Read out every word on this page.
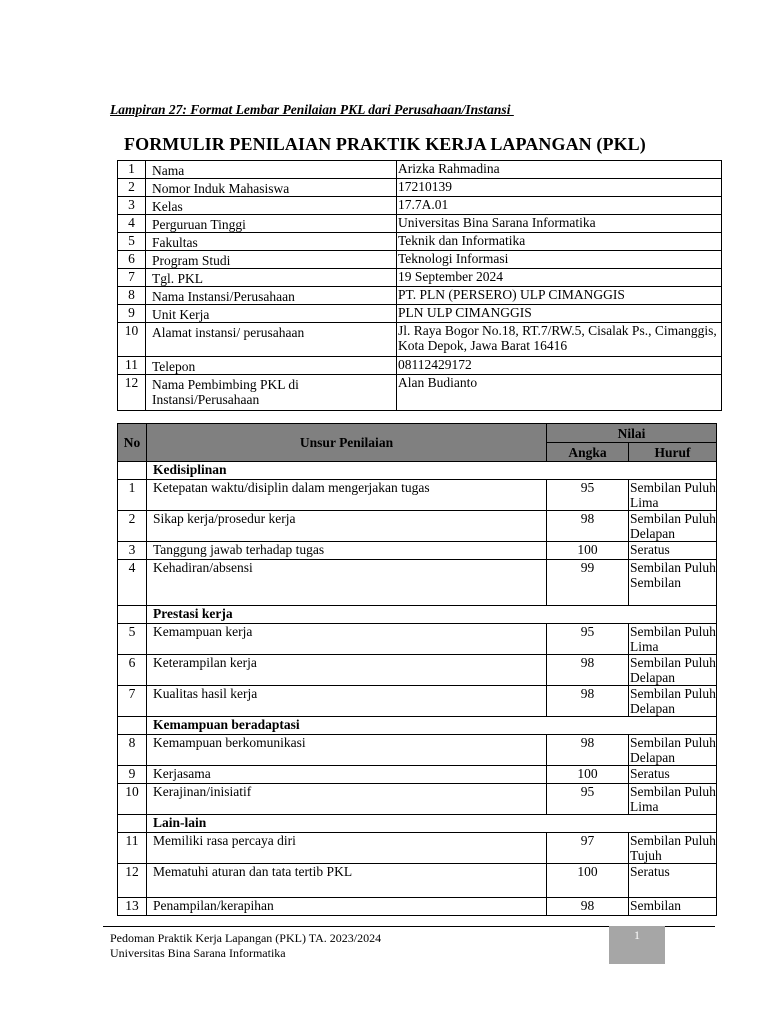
Lampiran 27: Format Lembar Penilaian PKL dari Perusahaan/Instansi
FORMULIR PENILAIAN PRAKTIK KERJA LAPANGAN (PKL)
1	Nama	Arizka Rahmadina
2	Nomor Induk Mahasiswa	17210139
3	Kelas	17.7A.01
4	Perguruan Tinggi	Universitas Bina Sarana Informatika
5	Fakultas	Teknik dan Informatika
6	Program Studi	Teknologi Informasi
7	Tgl. PKL	19 September 2024
8	Nama Instansi/Perusahaan	PT. PLN (PERSERO) ULP CIMANGGIS
9	Unit Kerja	PLN ULP CIMANGGIS
10	Alamat instansi/ perusahaan	Jl. Raya Bogor No.18, RT.7/RW.5, Cisalak Ps., Cimanggis, Kota Depok, Jawa Barat 16416
11	Telepon	08112429172
12	Nama Pembimbing PKL di Instansi/Perusahaan	Alan Budianto
No	Unsur Penilaian	Nilai	
		Angka	Huruf
	Kedisiplinan		
1	Ketepatan waktu/disiplin dalam mengerjakan tugas	95	Sembilan Puluh Lima
2	Sikap kerja/prosedur kerja	98	Sembilan Puluh Delapan
3	Tanggung jawab terhadap tugas	100	Seratus
4	Kehadiran/absensi	99	Sembilan Puluh Sembilan
	Prestasi kerja		
5	Kemampuan kerja	95	Sembilan Puluh Lima
6	Keterampilan kerja	98	Sembilan Puluh Delapan
7	Kualitas hasil kerja	98	Sembilan Puluh Delapan
	Kemampuan beradaptasi		
8	Kemampuan berkomunikasi	98	Sembilan Puluh Delapan
9	Kerjasama	100	Seratus
10	Kerajinan/inisiatif	95	Sembilan Puluh Lima
	Lain-lain		
11	Memiliki rasa percaya diri	97	Sembilan Puluh Tujuh
12	Mematuhi aturan dan tata tertib PKL	100	Seratus
13	Penampilan/kerapihan	98	Sembilan
Pedoman Praktik Kerja Lapangan (PKL) TA. 2023/2024
Universitas Bina Sarana Informatika
1
